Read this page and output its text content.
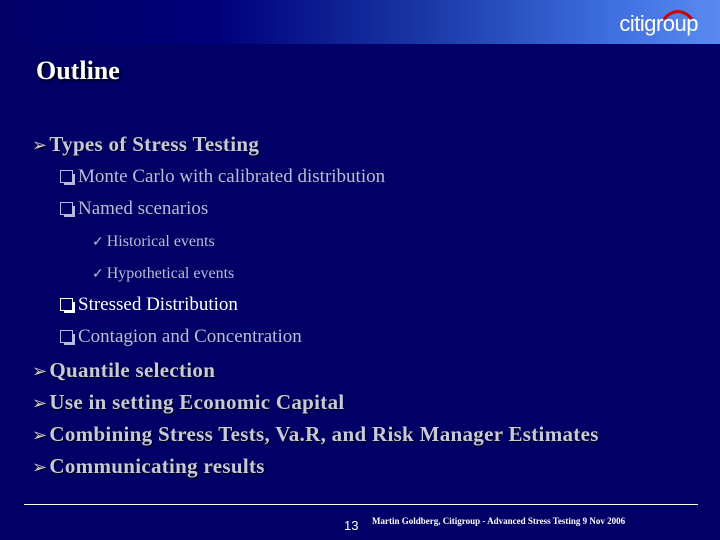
citigroup
Outline
➢Types of Stress Testing
Monte Carlo with calibrated distribution
Named scenarios
✓ Historical events
✓ Hypothetical events
Stressed Distribution
Contagion and Concentration
➢Quantile selection
➢Use in setting Economic Capital
➢Combining Stress Tests, Va.R, and Risk Manager Estimates
➢Communicating results
13 Martin Goldberg, Citigroup - Advanced Stress Testing 9 Nov 2006
